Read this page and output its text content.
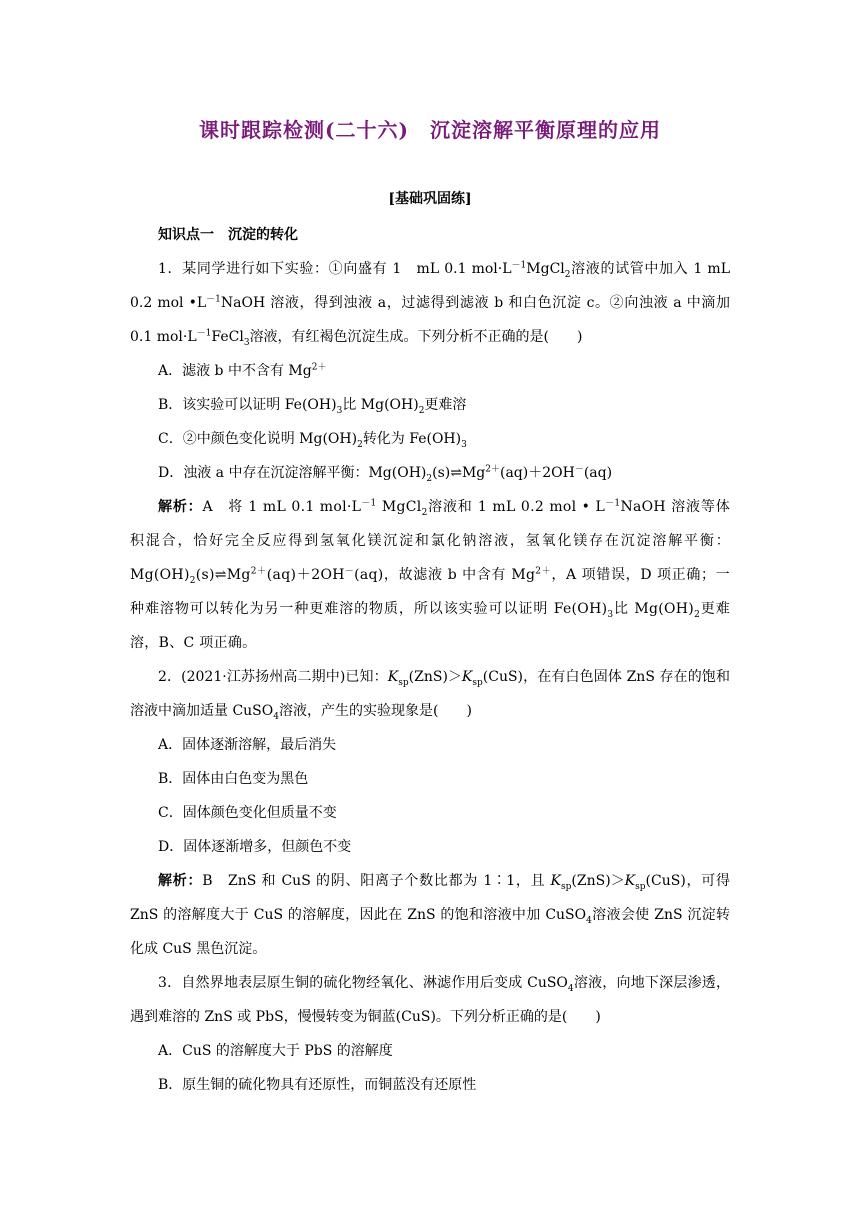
课时跟踪检测(二十六)　沉淀溶解平衡原理的应用
[基础巩固练]
知识点一　沉淀的转化
1．某同学进行如下实验：①向盛有 1　mL 0.1 $mol\cdot L^{-1}MgCl_2$溶液的试管中加入 1 mL 0.2 mol $•L^{-1}NaOH$ 溶液，得到浊液 a，过滤得到滤液 b 和白色沉淀 c。②向浊液 a 中滴加 0.1 $mol\cdot L^{-1}FeCl_3$溶液，有红褐色沉淀生成。下列分析不正确的是(　　)
A．滤液 b 中不含有 $Mg^{2+}$
B．该实验可以证明 $Fe(OH)_3$比 $Mg(OH)_2$更难溶
C．②中颜色变化说明 $Mg(OH)_2$转化为 $Fe(OH)_3$
D．浊液 a 中存在沉淀溶解平衡：$Mg(OH)_2(s)\rightleftharpoons Mg^{2+}(aq)+2OH^-(aq)$
解析：A　将 1 mL 0.1 $mol\cdot L^{-1}$ MgCl$_2$溶液和 1 mL 0.2 mol • $L^{-1}NaOH$ 溶液等体积混合，恰好完全反应得到氢氧化镁沉淀和氯化钠溶液，氢氧化镁存在沉淀溶解平衡：$Mg(OH)_2(s)\rightleftharpoons Mg^{2+}(aq)+2OH^-(aq)$，故滤液 b 中含有 $Mg^{2+}$，A 项错误，D 项正确；一种难溶物可以转化为另一种更难溶的物质，所以该实验可以证明 $Fe(OH)_3$比 $Mg(OH)_2$更难溶，B、C 项正确。
2．(2021·江苏扬州高二期中)已知：$K_{sp}(ZnS)>K_{sp}(CuS)$，在有白色固体 ZnS 存在的饱和溶液中滴加适量 CuSO$_4$溶液，产生的实验现象是(　　)
A．固体逐渐溶解，最后消失
B．固体由白色变为黑色
C．固体颜色变化但质量不变
D．固体逐渐增多，但颜色不变
解析：B　ZnS 和 CuS 的阴、阳离子个数比都为 1∶1，且 $K_{sp}(ZnS)>K_{sp}(CuS)$，可得 ZnS 的溶解度大于 CuS 的溶解度，因此在 ZnS 的饱和溶液中加 CuSO$_4$溶液会使 ZnS 沉淀转化成 CuS 黑色沉淀。
3．自然界地表层原生铜的硫化物经氧化、淋滤作用后变成 CuSO$_4$溶液，向地下深层渗透，遇到难溶的 ZnS 或 PbS，慢慢转变为铜蓝(CuS)。下列分析正确的是(　　)
A．CuS 的溶解度大于 PbS 的溶解度
B．原生铜的硫化物具有还原性，而铜蓝没有还原性
